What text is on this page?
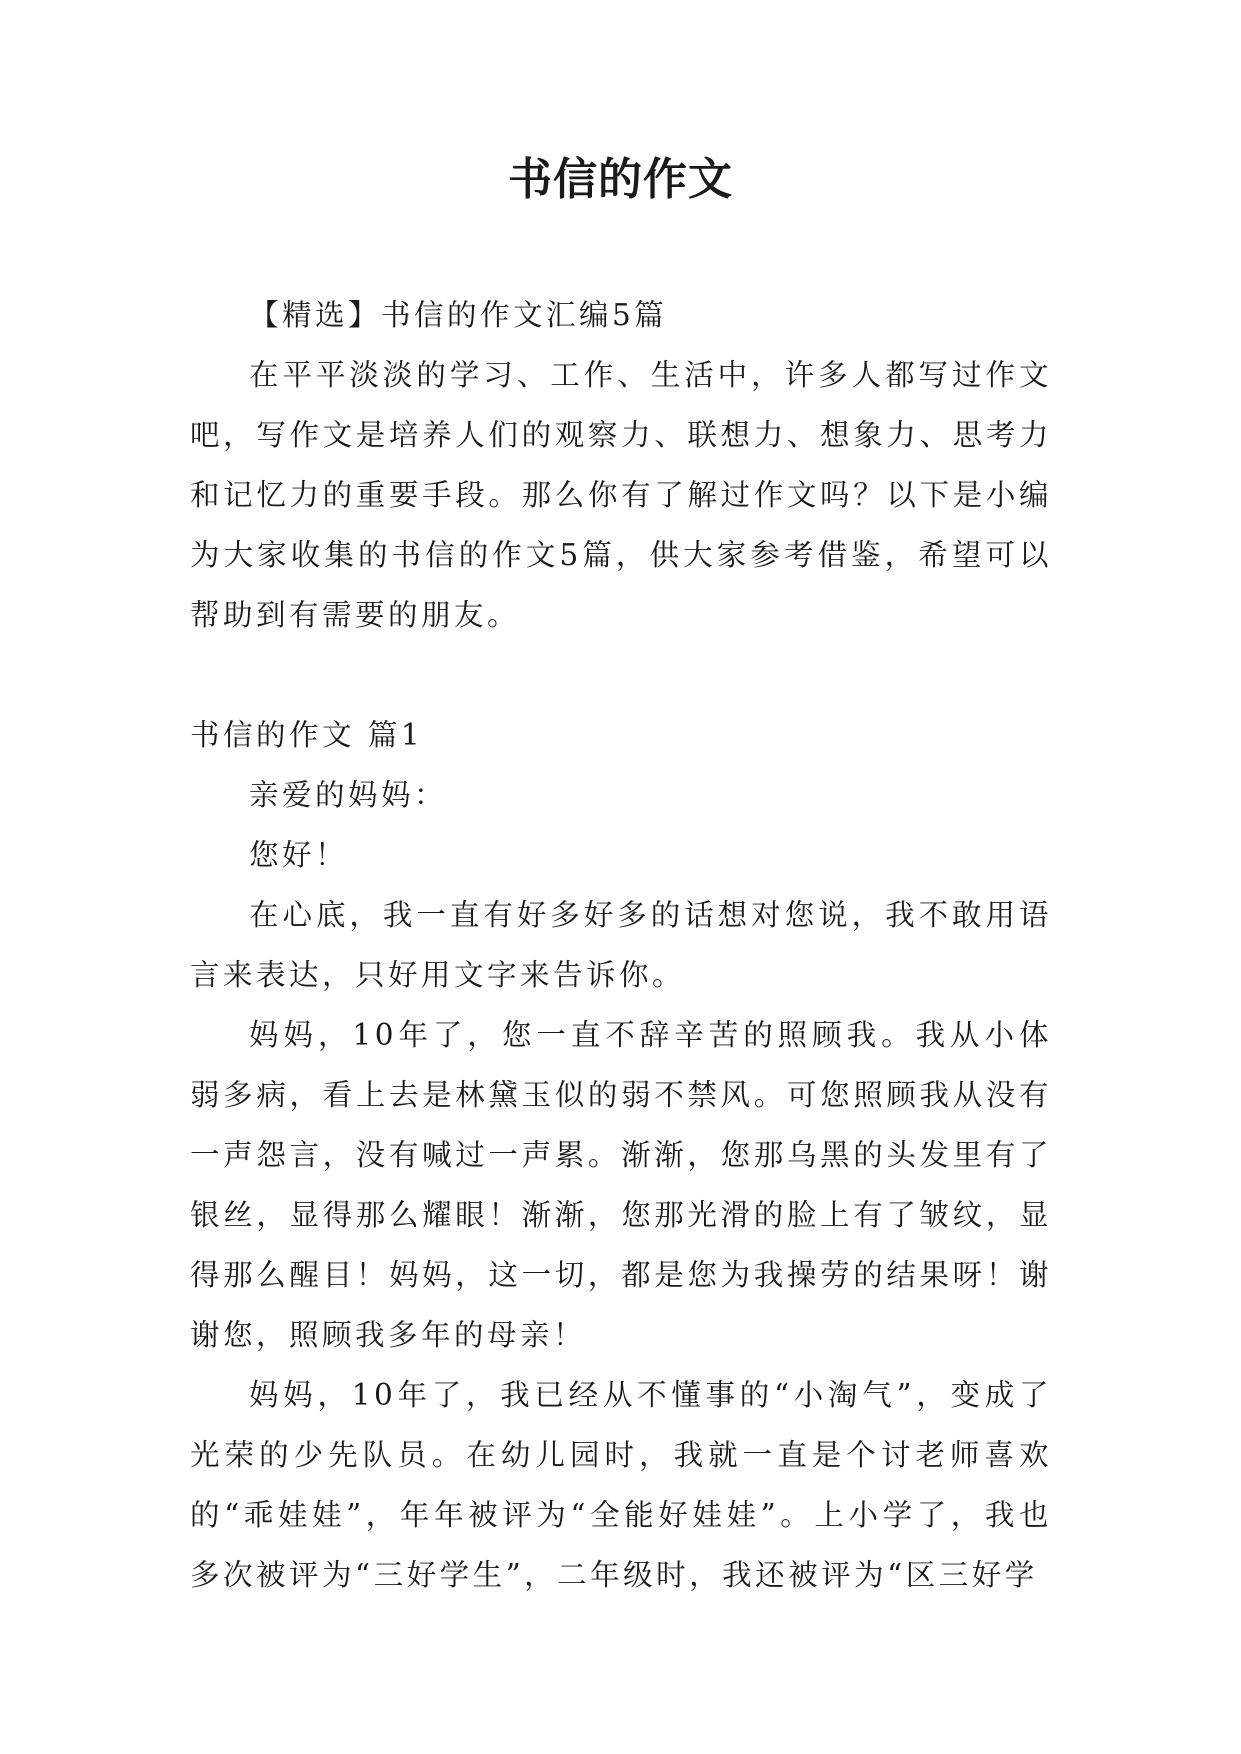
书信的作文

【精选】书信的作文汇编5篇

在平平淡淡的学习、工作、生活中，许多人都写过作文吧，写作文是培养人们的观察力、联想力、想象力、思考力和记忆力的重要手段。那么你有了解过作文吗？以下是小编为大家收集的书信的作文5篇，供大家参考借鉴，希望可以帮助到有需要的朋友。

书信的作文 篇1

亲爱的妈妈：

您好！

在心底，我一直有好多好多的话想对您说，我不敢用语言来表达，只好用文字来告诉你。

妈妈，10年了，您一直不辞辛苦的照顾我。我从小体弱多病，看上去是林黛玉似的弱不禁风。可您照顾我从没有一声怨言，没有喊过一声累。渐渐，您那乌黑的头发里有了银丝，显得那么耀眼！渐渐，您那光滑的脸上有了皱纹，显得那么醒目！妈妈，这一切，都是您为我操劳的结果呀！谢谢您，照顾我多年的母亲！

妈妈，10年了，我已经从不懂事的“小淘气”，变成了光荣的少先队员。在幼儿园时，我就一直是个讨老师喜欢的“乖娃娃”，年年被评为“全能好娃娃”。上小学了，我也多次被评为“三好学生”，二年级时，我还被评为“区三好学
